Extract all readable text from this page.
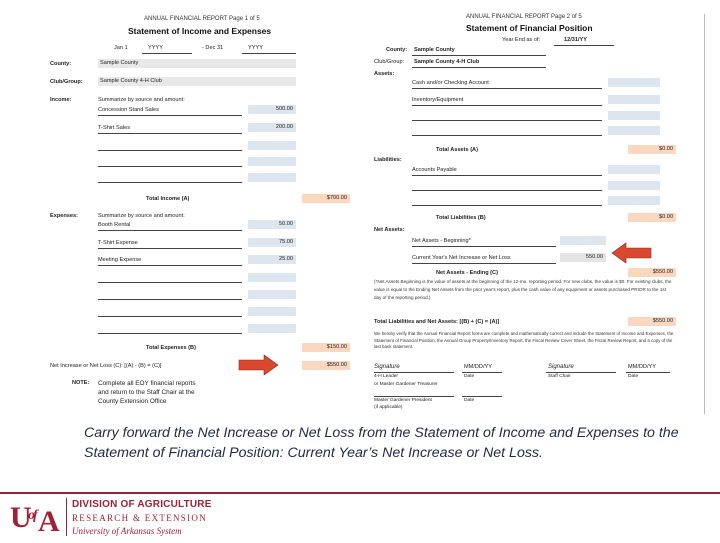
ANNUAL FINANCIAL REPORT Page 1 of 5
Statement of Income and Expenses
Jan 1	YYYY	- Dec 31	YYYY
County:	Sample County
Club/Group:	Sample County 4-H Club
Income:	Summarize by source and amount:
Concession Stand Sales	500.00
T-Shirt Sales	200.00
Total Income (A)	$700.00
Expenses:	Summarize by source and amount:
Booth Rental	50.00
T-Shirt Expense	75.00
Meeting Expense	25.00
Total Expenses (B)	$150.00
Net Increase or Net Loss (C): [(A) - (B) = (C)]	$550.00
NOTE: Complete all EOY financial reports
and return to the Staff Chair at the
County Extension Office
ANNUAL FINANCIAL REPORT Page 2 of 5
Statement of Financial Position
Year End as of:	12/31/YY
County: Sample County
Club/Group: Sample County 4-H Club
Assets:
Cash and/or Checking Account
Inventory/Equipment
Total Assets (A)	$0.00
Liabilities:
Accounts Payable
Total Liabilities (B)	$0.00
Net Assets:
Net Assets - Beginning*
Current Year's Net Increase or Net Loss	550.00
Net Assets - Ending (C)	$550.00
(*Net Assets Beginning is the value of assets at the beginning of the 12-mo. reporting period. For new clubs, the value is $0. For existing clubs, the value is equal to the Ending Net Assets from the prior year's report, plus the cash value of any equipment or assets purchased PRIOR to the 1st day of the reporting period.)
Total Liabilities and Net Assets: [(B) + (C) = (A)]	$550.00
We hereby verify that the Annual Financial Report forms are complete and mathematically correct and include the Statement of Income and Expenses, the Statement of Financial Position, the Annual Group Property/Inventory Report, the Fiscal Review Cover Sheet, the Fiscal Review Report, and a copy of the last bank statement.
Signature	MM/DD/YY	Signature	MM/DD/YY
4-H Leader	Date	Staff Chair	Date
or Master Gardener Treasurer
Master Gardener President	Date
(if applicable)
Carry forward the Net Increase or Net Loss from the Statement of Income and Expenses to the Statement of Financial Position: Current Year’s Net Increase or Net Loss.
U
of A
DIVISION OF AGRICULTURE
RESEARCH & EXTENSION
University of Arkansas System
